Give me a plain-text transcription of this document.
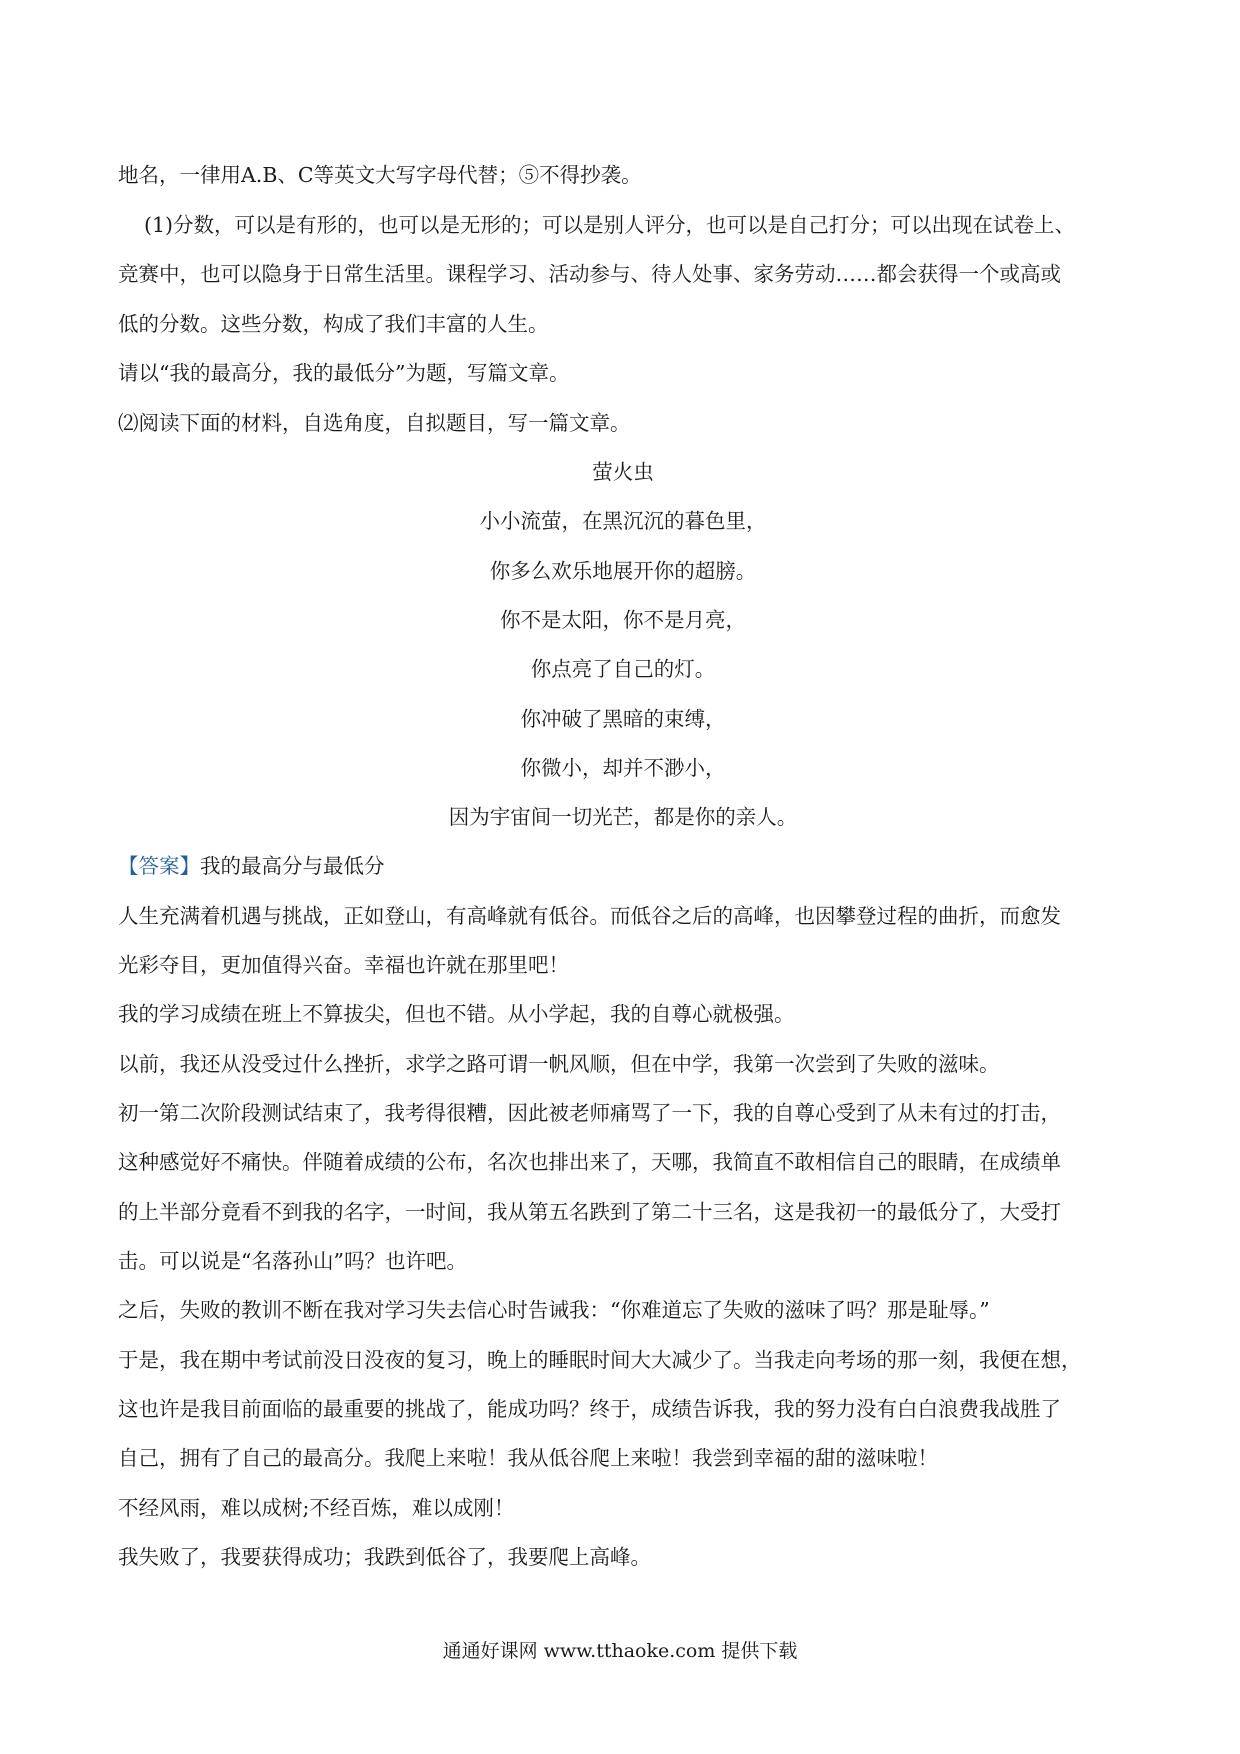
地名，一律用A.B、C等英文大写字母代替；⑤不得抄袭。
(1)分数，可以是有形的，也可以是无形的；可以是别人评分，也可以是自己打分；可以出现在试卷上、
竞赛中，也可以隐身于日常生活里。课程学习、活动参与、待人处事、家务劳动……都会获得一个或高或
低的分数。这些分数，构成了我们丰富的人生。
请以“我的最高分，我的最低分”为题，写篇文章。
⑵阅读下面的材料，自选角度，自拟题目，写一篇文章。
萤火虫
小小流萤，在黑沉沉的暮色里，
你多么欢乐地展开你的超膀。
你不是太阳，你不是月亮，
你点亮了自己的灯。
你冲破了黑暗的束缚，
你微小，却并不渺小，
因为宇宙间一切光芒，都是你的亲人。
【答案】我的最高分与最低分
人生充满着机遇与挑战，正如登山，有高峰就有低谷。而低谷之后的高峰，也因攀登过程的曲折，而愈发
光彩夺目，更加值得兴奋。幸福也许就在那里吧！
我的学习成绩在班上不算拔尖，但也不错。从小学起，我的自尊心就极强。
以前，我还从没受过什么挫折，求学之路可谓一帆风顺，但在中学，我第一次尝到了失败的滋味。
初一第二次阶段测试结束了，我考得很糟，因此被老师痛骂了一下，我的自尊心受到了从未有过的打击，
这种感觉好不痛快。伴随着成绩的公布，名次也排出来了，天哪，我简直不敢相信自己的眼睛，在成绩单
的上半部分竟看不到我的名字，一时间，我从第五名跌到了第二十三名，这是我初一的最低分了，大受打
击。可以说是“名落孙山”吗？也许吧。
之后，失败的教训不断在我对学习失去信心时告诫我：“你难道忘了失败的滋味了吗？那是耻辱。”
于是，我在期中考试前没日没夜的复习，晚上的睡眠时间大大减少了。当我走向考场的那一刻，我便在想，
这也许是我目前面临的最重要的挑战了，能成功吗？终于，成绩告诉我，我的努力没有白白浪费我战胜了
自己，拥有了自己的最高分。我爬上来啦！我从低谷爬上来啦！我尝到幸福的甜的滋味啦！
不经风雨，难以成树;不经百炼，难以成刚！
我失败了，我要获得成功；我跌到低谷了，我要爬上高峰。
通通好课网 www.tthaoke.com 提供下载
